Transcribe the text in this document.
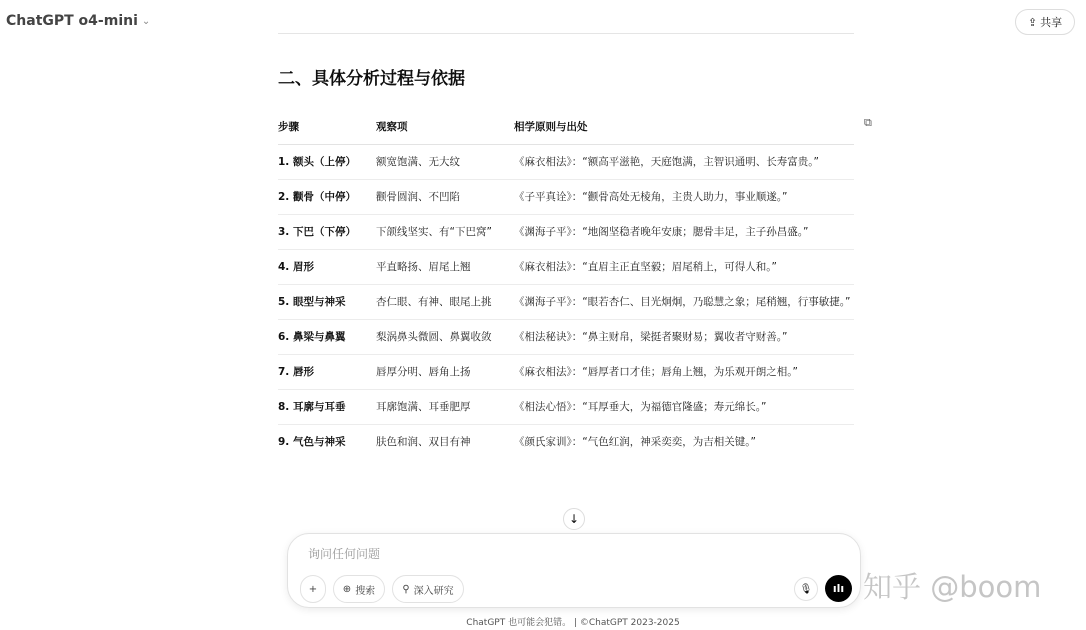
ChatGPT o4-mini ⌄	⇪ 共享
二、具体分析过程与依据
⧉
步骤	观察项	相学原则与出处
1. 额头（上停）	额宽饱满、无大纹	《麻衣相法》：“额高平滋艳，天庭饱满，主智识通明、长寿富贵。”
2. 颧骨（中停）	颧骨圆润、不凹陷	《子平真诠》：“颧骨高处无棱角，主贵人助力，事业顺遂。”
3. 下巴（下停）	下颌线坚实、有“下巴窝”	《渊海子平》：“地阁坚稳者晚年安康；腮骨丰足，主子孙昌盛。”
4. 眉形	平直略扬、眉尾上翘	《麻衣相法》：“直眉主正直坚毅；眉尾稍上，可得人和。”
5. 眼型与神采	杏仁眼、有神、眼尾上挑	《渊海子平》：“眼若杏仁、目光炯炯，乃聪慧之象；尾稍翘，行事敏捷。”
6. 鼻梁与鼻翼	梨涡鼻头微圆、鼻翼收敛	《相法秘诀》：“鼻主财帛，梁挺者聚财易；翼收者守财善。”
7. 唇形	唇厚分明、唇角上扬	《麻衣相法》：“唇厚者口才佳；唇角上翘，为乐观开朗之相。”
8. 耳廓与耳垂	耳廓饱满、耳垂肥厚	《相法心悟》：“耳厚垂大，为福德官隆盛；寿元绵长。”
9. 气色与神采	肤色和润、双目有神	《颜氏家训》：“气色红润，神采奕奕，为吉相关键。”
↓
询问任何问题
+	⊕ 搜索	⚲ 深入研究	🎙 ılı 知乎 @boom
ChatGPT 也可能会犯错。 | ©ChatGPT 2023-2025
